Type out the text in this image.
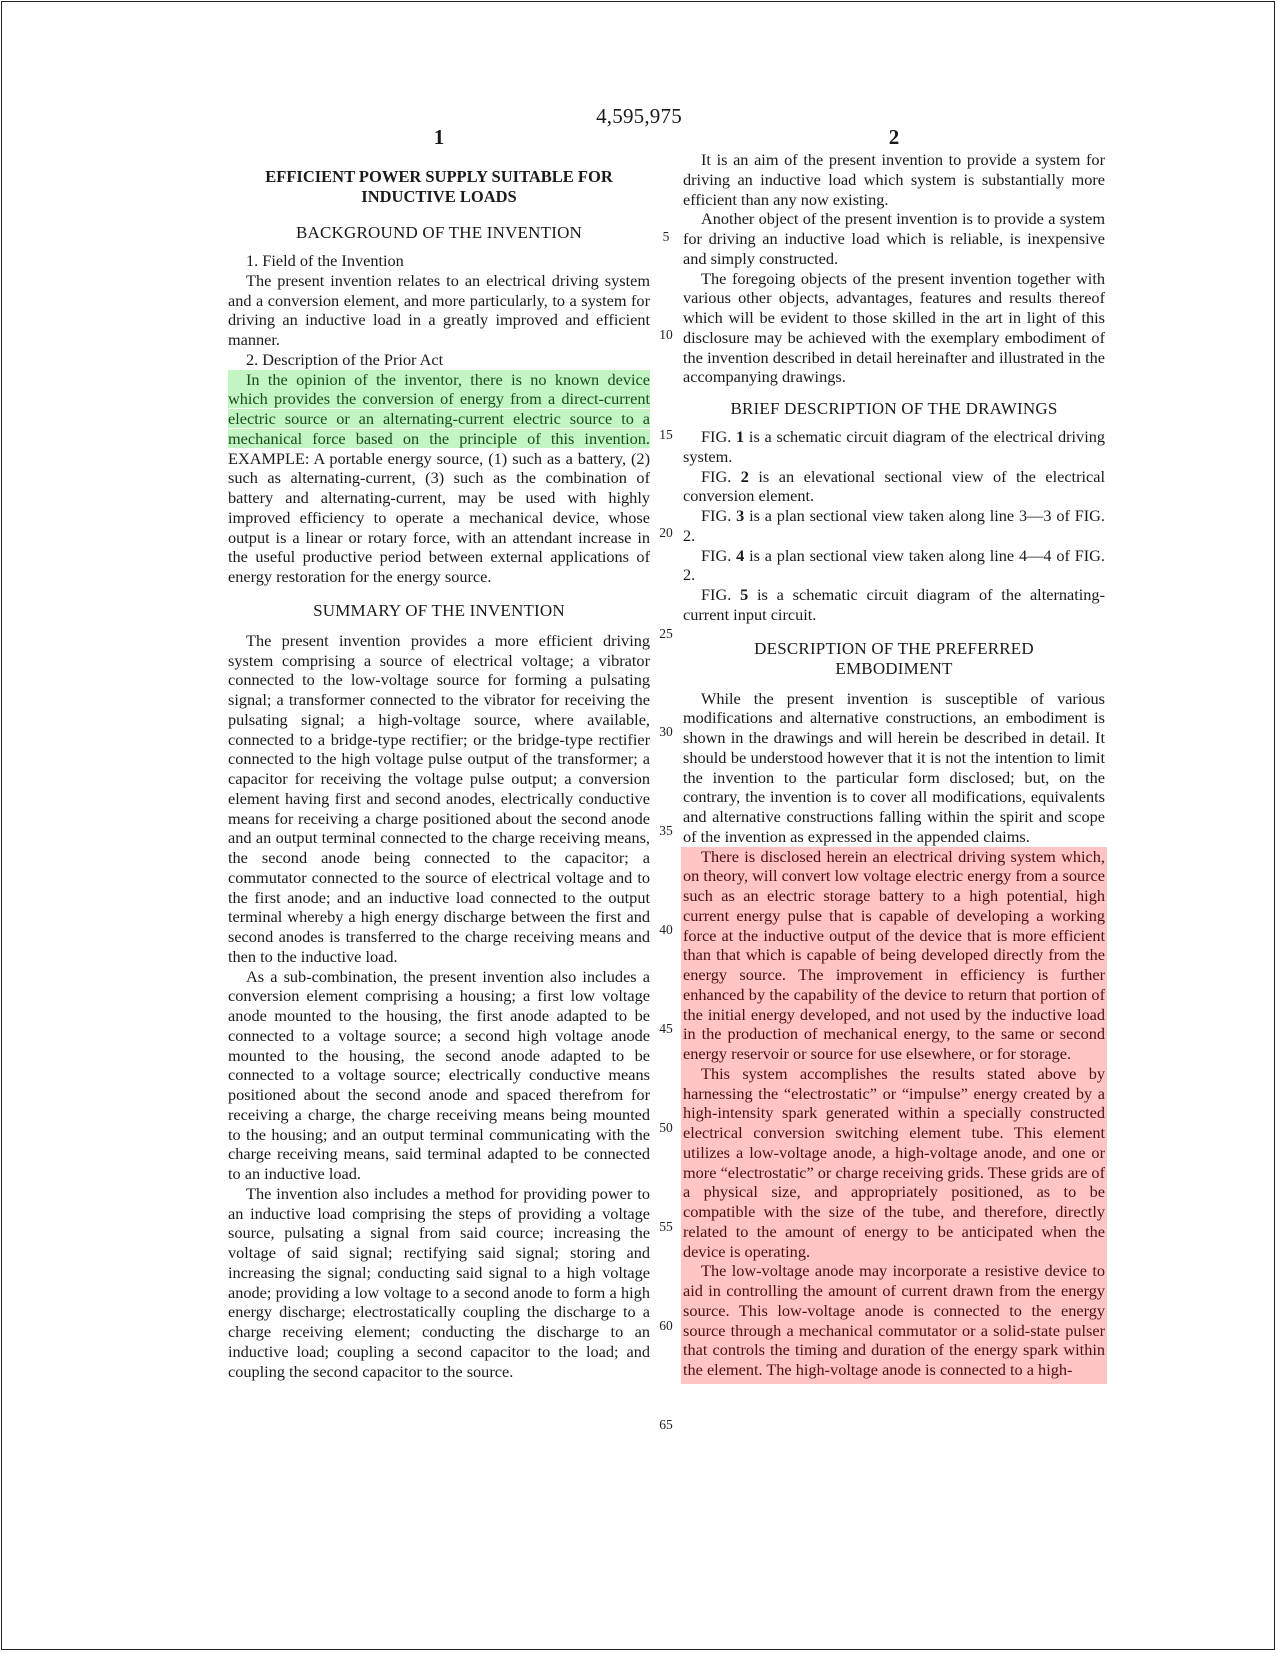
4,595,975
1	2
EFFICIENT POWER SUPPLY SUITABLE FOR INDUCTIVE LOADS
BACKGROUND OF THE INVENTION

1. Field of the Invention

The present invention relates to an electrical driving system and a conversion element, and more particularly, to a system for driving an inductive load in a greatly improved and efficient manner.

2. Description of the Prior Act

In the opinion of the inventor, there is no known device which provides the conversion of energy from a direct-current electric source or an alternating-current electric source to a mechanical force based on the principle of this invention. EXAMPLE: A portable energy source, (1) such as a battery, (2) such as alternating-current, (3) such as the combination of battery and alternating-current, may be used with highly improved efficiency to operate a mechanical device, whose output is a linear or rotary force, with an attendant increase in the useful productive period between external applications of energy restoration for the energy source.

SUMMARY OF THE INVENTION

The present invention provides a more efficient driving system comprising a source of electrical voltage; a vibrator connected to the low-voltage source for forming a pulsating signal; a transformer connected to the vibrator for receiving the pulsating signal; a high-voltage source, where available, connected to a bridge-type rectifier; or the bridge-type rectifier connected to the high voltage pulse output of the transformer; a capacitor for receiving the voltage pulse output; a conversion element having first and second anodes, electrically conductive means for receiving a charge positioned about the second anode and an output terminal connected to the charge receiving means, the second anode being connected to the capacitor; a commutator connected to the source of electrical voltage and to the first anode; and an inductive load connected to the output terminal whereby a high energy discharge between the first and second anodes is transferred to the charge receiving means and then to the inductive load.

As a sub-combination, the present invention also includes a conversion element comprising a housing; a first low voltage anode mounted to the housing, the first anode adapted to be connected to a voltage source; a second high voltage anode mounted to the housing, the second anode adapted to be connected to a voltage source; electrically conductive means positioned about the second anode and spaced therefrom for receiving a charge, the charge receiving means being mounted to the housing; and an output terminal communicating with the charge receiving means, said terminal adapted to be connected to an inductive load.

The invention also includes a method for providing power to an inductive load comprising the steps of providing a voltage source, pulsating a signal from said cource; increasing the voltage of said signal; rectifying said signal; storing and increasing the signal; conducting said signal to a high voltage anode; providing a low voltage to a second anode to form a high energy discharge; electrostatically coupling the discharge to a charge receiving element; conducting the discharge to an inductive load; coupling a second capacitor to the load; and coupling the second capacitor to the source.

5
10
15
20
25
30
35
40
45
50
55
60
65

It is an aim of the present invention to provide a system for driving an inductive load which system is substantially more efficient than any now existing.

Another object of the present invention is to provide a system for driving an inductive load which is reliable, is inexpensive and simply constructed.

The foregoing objects of the present invention together with various other objects, advantages, features and results thereof which will be evident to those skilled in the art in light of this disclosure may be achieved with the exemplary embodiment of the invention described in detail hereinafter and illustrated in the accompanying drawings.

BRIEF DESCRIPTION OF THE DRAWINGS

FIG. 1 is a schematic circuit diagram of the electrical driving system.

FIG. 2 is an elevational sectional view of the electrical conversion element.

FIG. 3 is a plan sectional view taken along line 3—3 of FIG. 2.

FIG. 4 is a plan sectional view taken along line 4—4 of FIG. 2.

FIG. 5 is a schematic circuit diagram of the alternating-current input circuit.

DESCRIPTION OF THE PREFERRED EMBODIMENT

While the present invention is susceptible of various modifications and alternative constructions, an embodiment is shown in the drawings and will herein be described in detail. It should be understood however that it is not the intention to limit the invention to the particular form disclosed; but, on the contrary, the invention is to cover all modifications, equivalents and alternative constructions falling within the spirit and scope of the invention as expressed in the appended claims.

There is disclosed herein an electrical driving system which, on theory, will convert low voltage electric energy from a source such as an electric storage battery to a high potential, high current energy pulse that is capable of developing a working force at the inductive output of the device that is more efficient than that which is capable of being developed directly from the energy source. The improvement in efficiency is further enhanced by the capability of the device to return that portion of the initial energy developed, and not used by the inductive load in the production of mechanical energy, to the same or second energy reservoir or source for use elsewhere, or for storage.

This system accomplishes the results stated above by harnessing the “electrostatic” or “impulse” energy created by a high-intensity spark generated within a specially constructed electrical conversion switching element tube. This element utilizes a low-voltage anode, a high-voltage anode, and one or more “electrostatic” or charge receiving grids. These grids are of a physical size, and appropriately positioned, as to be compatible with the size of the tube, and therefore, directly related to the amount of energy to be anticipated when the device is operating.

The low-voltage anode may incorporate a resistive device to aid in controlling the amount of current drawn from the energy source. This low-voltage anode is connected to the energy source through a mechanical commutator or a solid-state pulser that controls the timing and duration of the energy spark within the element. The high-voltage anode is connected to a high-
